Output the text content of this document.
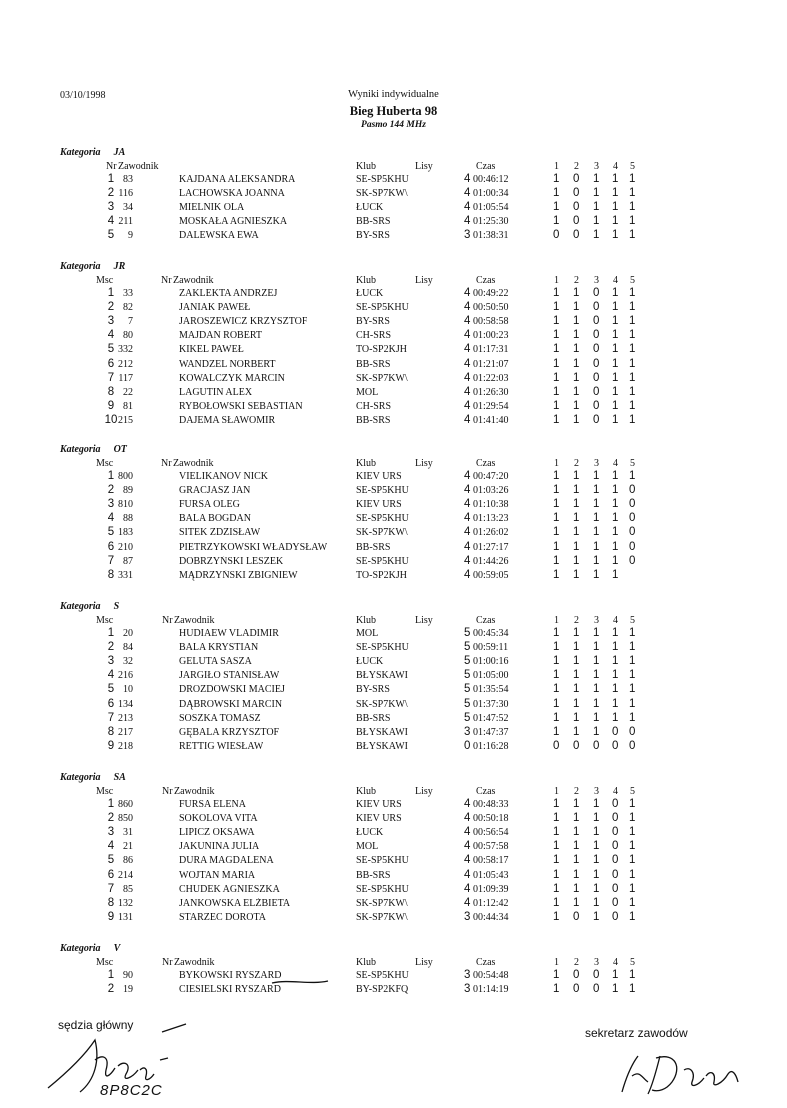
03/10/1998	Wyniki indywidualne
Bieg Huberta 98
Pasmo 144 MHz
Kategoria JA
Nr Zawodnik	Klub	Lisy	Czas	1 2 3 4 5
1 83	KAJDANA ALEKSANDRA	SE-SP5KHU	4 00:46:12	1 0 1 1 1
2 116	LACHOWSKA JOANNA	SK-SP7KW\	4 01:00:34	1 0 1 1 1
3 34	MIELNIK OLA	ŁUCK	4 01:05:54	1 0 1 1 1
4 211	MOSKAŁA AGNIESZKA	BB-SRS	4 01:25:30	1 0 1 1 1
5	9	DALEWSKA EWA	BY-SRS	3 01:38:31	0 0 1 1 1
Kategoria JR
Msc	Nr Zawodnik	Klub	Lisy	Czas	1 2 3 4 5
1 33	ZAKLEKTA ANDRZEJ	ŁUCK	4 00:49:22	1 1 0 1 1
2 82	JANIAK PAWEŁ	SE-SP5KHU	4 00:50:50	1 1 0 1 1
3	7	JAROSZEWICZ KRZYSZTOF	BY-SRS	4 00:58:58	1 1 0 1 1
4 80	MAJDAN ROBERT	CH-SRS	4 01:00:23	1 1 0 1 1
5 332	KIKEL PAWEŁ	TO-SP2KJH	4 01:17:31	1 1 0 1 1
6 212	WANDZEL NORBERT	BB-SRS	4 01:21:07	1 1 0 1 1
7 117	KOWALCZYK MARCIN	SK-SP7KW\	4 01:22:03	1 1 0 1 1
8 22	LAGUTIN ALEX	MOL	4 01:26:30	1 1 0 1 1
9 81	RYBOŁOWSKI SEBASTIAN	CH-SRS	4 01:29:54	1 1 0 1 1
10 215	DAJEMA SŁAWOMIR	BB-SRS	4 01:41:40	1 1 0 1 1
Kategoria OT
Msc	Nr Zawodnik	Klub	Lisy	Czas	1 2 3 4 5
1 800	VIELIKANOV NICK	KIEV URS	4 00:47:20	1 1 1 1 1
2 89	GRACJASZ JAN	SE-SP5KHU	4 01:03:26	1 1 1 1 0
3 810	FURSA OLEG	KIEV URS	4 01:10:38	1 1 1 1 0
4 88	BALA BOGDAN	SE-SP5KHU	4 01:13:23	1 1 1 1 0
5 183	SITEK ZDZISŁAW	SK-SP7KW\	4 01:26:02	1 1 1 1 0
6 210	PIETRZYKOWSKI WŁADYSŁAW	BB-SRS	4 01:27:17	1 1 1 1 0
7 87	DOBRZYŃSKI LESZEK	SE-SP5KHU	4 01:44:26	1 1 1 1 0
8 331	MĄDRZYŃSKI ZBIGNIEW	TO-SP2KJH	4 00:59:05	1 1 1 1
Kategoria S
Msc	Nr Zawodnik	Klub	Lisy	Czas	1 2 3 4 5
1 20	HUDIAEW VLADIMIR	MOL	5 00:45:34	1 1 1 1 1
2 84	BALA KRYSTIAN	SE-SP5KHU	5 00:59:11	1 1 1 1 1
3 32	GELUTA SASZA	ŁUCK	5 01:00:16	1 1 1 1 1
4 216	JARGIŁO STANISŁAW	BŁYSKAWI	5 01:05:00	1 1 1 1 1
5 10	DROZDOWSKI MACIEJ	BY-SRS	5 01:35:54	1 1 1 1 1
6 134	DĄBROWSKI MARCIN	SK-SP7KW\	5 01:37:30	1 1 1 1 1
7 213	SOSZKA TOMASZ	BB-SRS	5 01:47:52	1 1 1 1 1
8 217	GĘBALA KRZYSZTOF	BŁYSKAWI	3 01:47:37	1 1 1 0 0
9 218	RETTIG WIESŁAW	BŁYSKAWI	0 01:16:28	0 0 0 0 0
Kategoria SA
Msc	Nr Zawodnik	Klub	Lisy	Czas	1 2 3 4 5
1 860	FURSA ELENA	KIEV URS	4 00:48:33	1 1 1 0 1
2 850	SOKOLOVA VITA	KIEV URS	4 00:50:18	1 1 1 0 1
3 31	LIPICZ OKSAWA	ŁUCK	4 00:56:54	1 1 1 0 1
4 21	JAKUNINA JULIA	MOL	4 00:57:58	1 1 1 0 1
5 86	DURA MAGDALENA	SE-SP5KHU	4 00:58:17	1 1 1 0 1
6 214	WOJTAN MARIA	BB-SRS	4 01:05:43	1 1 1 0 1
7 85	CHUDEK AGNIESZKA	SE-SP5KHU	4 01:09:39	1 1 1 0 1
8 132	JANKOWSKA ELŻBIETA	SK-SP7KW\	4 01:12:42	1 1 1 0 1
9 131	STARZEC DOROTA	SK-SP7KW\	3 00:44:34	1 0 1 0 1
Kategoria V
Msc	Nr Zawodnik	Klub	Lisy	Czas	1 2 3 4 5
1 90	BYKOWSKI RYSZARD	SE-SP5KHU	3 00:54:48	1 0 0 1 1
2 19	CIESIELSKI RYSZARD	BY-SP2KFQ	3 01:14:19	1 0 0 1 1
sędzia główny
8P8C2C
sekretarz zawodów
